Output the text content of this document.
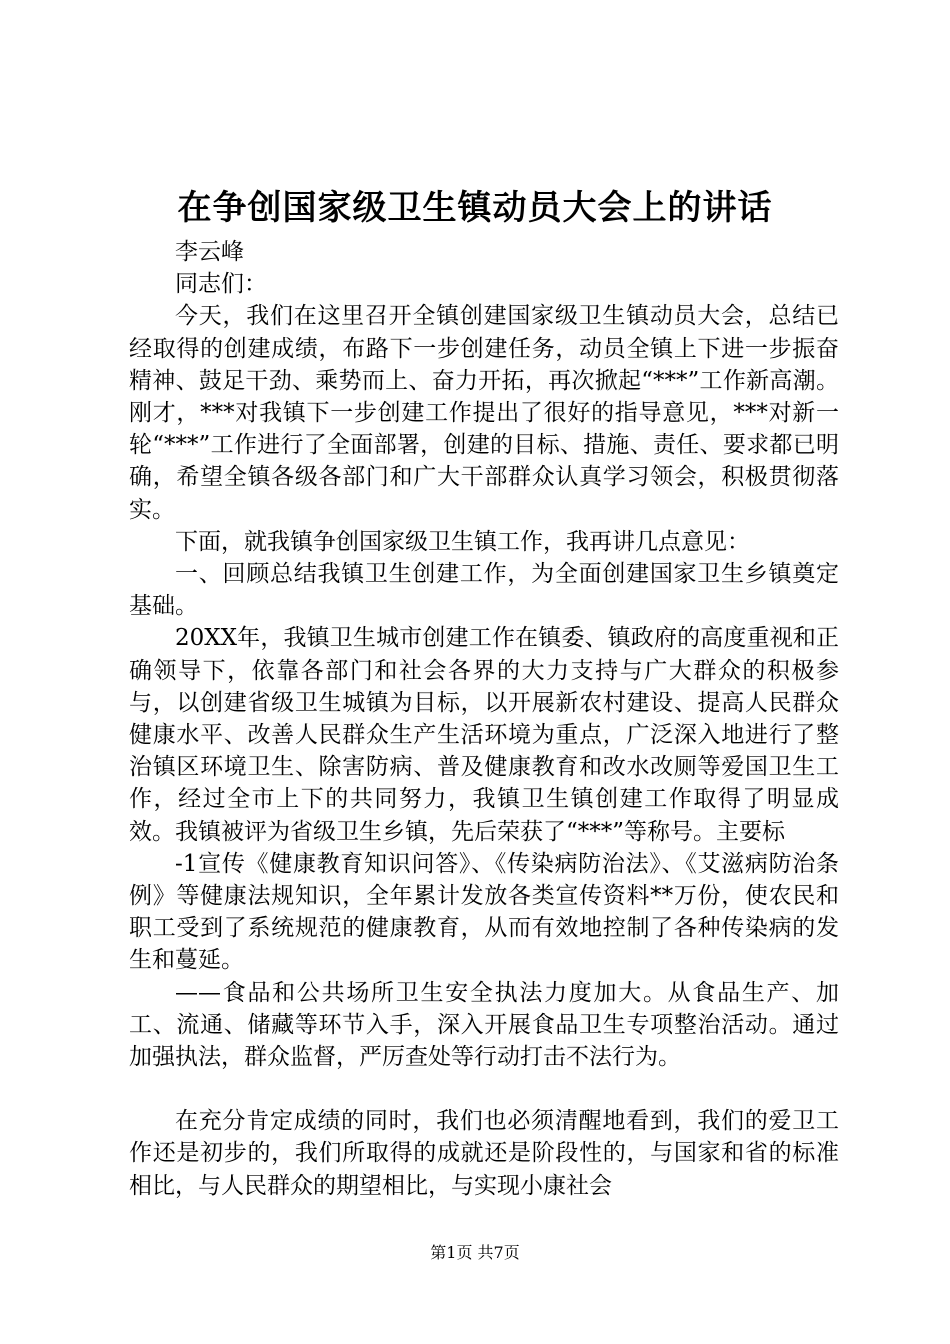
在争创国家级卫生镇动员大会上的讲话

李云峰

同志们：

今天，我们在这里召开全镇创建国家级卫生镇动员大会，总结已经取得的创建成绩，布路下一步创建任务，动员全镇上下进一步振奋精神、鼓足干劲、乘势而上、奋力开拓，再次掀起“***”工作新高潮。刚才，***对我镇下一步创建工作提出了很好的指导意见，***对新一轮“***”工作进行了全面部署，创建的目标、措施、责任、要求都已明确，希望全镇各级各部门和广大干部群众认真学习领会，积极贯彻落实。

下面，就我镇争创国家级卫生镇工作，我再讲几点意见：

一、回顾总结我镇卫生创建工作，为全面创建国家卫生乡镇奠定基础。

20XX年，我镇卫生城市创建工作在镇委、镇政府的高度重视和正确领导下，依靠各部门和社会各界的大力支持与广大群众的积极参与，以创建省级卫生城镇为目标，以开展新农村建设、提高人民群众健康水平、改善人民群众生产生活环境为重点，广泛深入地进行了整治镇区环境卫生、除害防病、普及健康教育和改水改厕等爱国卫生工作，经过全市上下的共同努力，我镇卫生镇创建工作取得了明显成效。我镇被评为省级卫生乡镇，先后荣获了“***”等称号。主要标

-1宣传《健康教育知识问答》、《传染病防治法》、《艾滋病防治条例》等健康法规知识，全年累计发放各类宣传资料**万份，使农民和职工受到了系统规范的健康教育，从而有效地控制了各种传染病的发生和蔓延。

——食品和公共场所卫生安全执法力度加大。从食品生产、加工、流通、储藏等环节入手，深入开展食品卫生专项整治活动。通过加强执法，群众监督，严厉查处等行动打击不法行为。

在充分肯定成绩的同时，我们也必须清醒地看到，我们的爱卫工作还是初步的，我们所取得的成就还是阶段性的，与国家和省的标准相比，与人民群众的期望相比，与实现小康社会

第1页 共7页
